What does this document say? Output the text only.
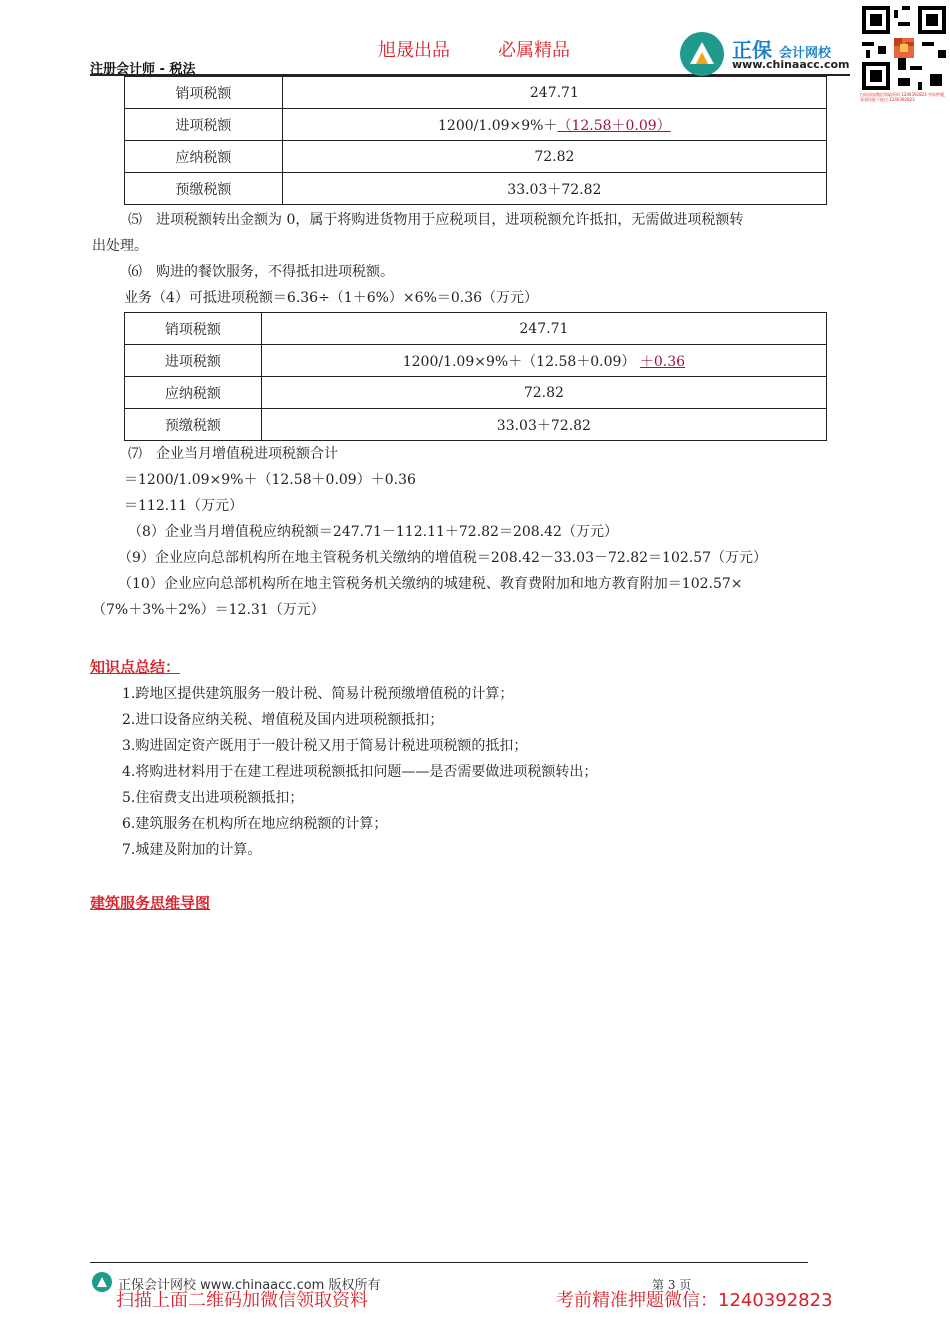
旭晟出品	必属精品
注册会计师 - 税法
正保 会计网校
www.chinaacc.com
扫码添加微信领取资料 1240392823 考前押题，看看你能不能过 1240392823
销项税额	247.71
进项税额	1200/1.09×9%＋（12.58＋0.09）
应纳税额	72.82
预缴税额	33.03＋72.82
⑸　进项税额转出金额为 0，属于将购进货物用于应税项目，进项税额允许抵扣，无需做进项税额转
出处理。
⑹　购进的餐饮服务，不得抵扣进项税额。
业务（4）可抵进项税额＝6.36÷（1＋6%）×6%＝0.36（万元）
销项税额	247.71
进项税额	1200/1.09×9%＋（12.58＋0.09） ＋0.36
应纳税额	72.82
预缴税额	33.03＋72.82
⑺　企业当月增值税进项税额合计
＝1200/1.09×9%＋（12.58＋0.09）＋0.36
＝112.11（万元）
（8）企业当月增值税应纳税额＝247.71－112.11＋72.82＝208.42（万元）
（9）企业应向总部机构所在地主管税务机关缴纳的增值税＝208.42－33.03－72.82＝102.57（万元）
（10）企业应向总部机构所在地主管税务机关缴纳的城建税、教育费附加和地方教育附加＝102.57×
（7%＋3%＋2%）＝12.31（万元）
知识点总结：
1.跨地区提供建筑服务一般计税、简易计税预缴增值税的计算；
2.进口设备应纳关税、增值税及国内进项税额抵扣；
3.购进固定资产既用于一般计税又用于简易计税进项税额的抵扣；
4.将购进材料用于在建工程进项税额抵扣问题——是否需要做进项税额转出；
5.住宿费支出进项税额抵扣；
6.建筑服务在机构所在地应纳税额的计算；
7.城建及附加的计算。
建筑服务思维导图
正保会计网校 www.chinaacc.com 版权所有	第 3 页
扫描上面二维码加微信领取资料	考前精准押题微信：1240392823
